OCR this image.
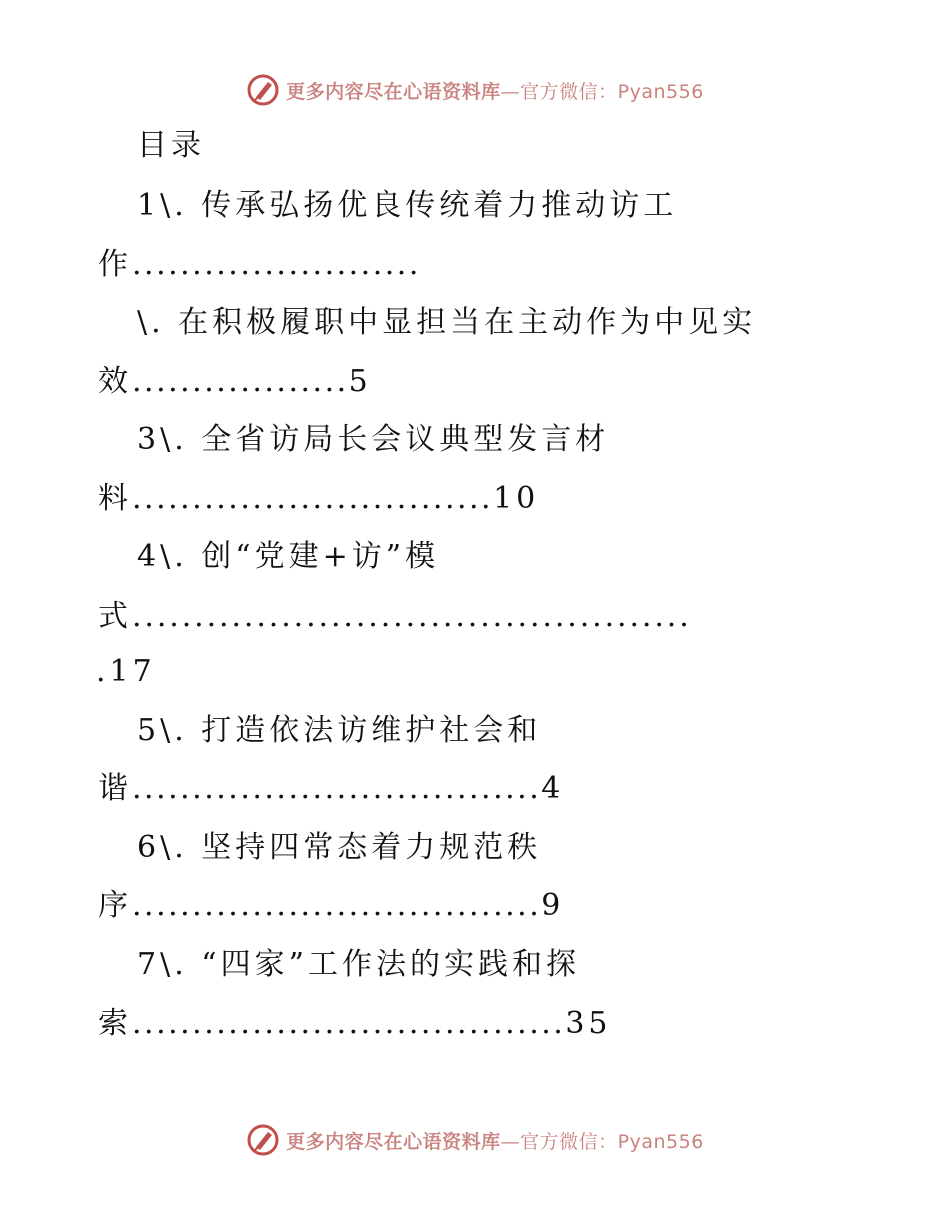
更多内容尽在心语资料库—官方微信：Pyan556
目录
1\. 传承弘扬优良传统着力推动访工
作........................
\. 在积极履职中显担当在主动作为中见实
效..................5
3\. 全省访局长会议典型发言材
料..............................10
4\. 创“党建+访”模
式.............................................
.17
5\. 打造依法访维护社会和
谐..................................4
6\. 坚持四常态着力规范秩
序..................................9
7\. “四家”工作法的实践和探
索....................................35
更多内容尽在心语资料库—官方微信：Pyan556
